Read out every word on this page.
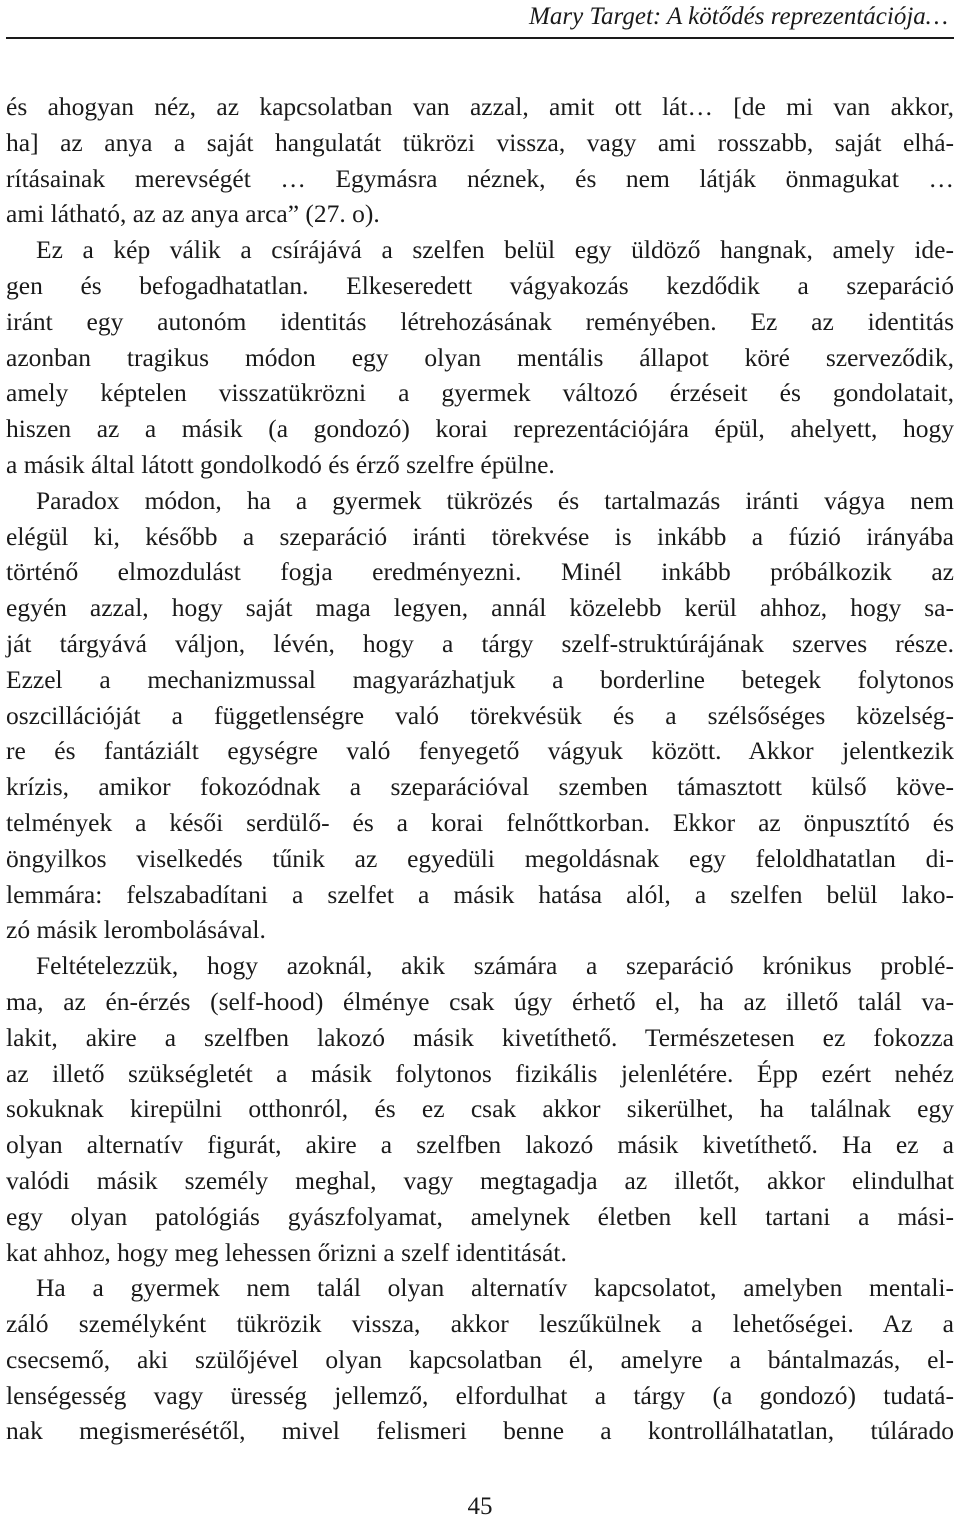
Mary Target: A kötődés reprezentációja…
és ahogyan néz, az kapcsolatban van azzal, amit ott lát… [de mi van akkor,
ha] az anya a saját hangulatát tükrözi vissza, vagy ami rosszabb, saját elhá-
rításainak merevségét … Egymásra néznek, és nem látják önmagukat …
ami látható, az az anya arca” (27. o).
Ez a kép válik a csírájává a szelfen belül egy üldöző hangnak, amely ide-
gen és befogadhatatlan. Elkeseredett vágyakozás kezdődik a szeparáció
iránt egy autonóm identitás létrehozásának reményében. Ez az identitás
azonban tragikus módon egy olyan mentális állapot köré szerveződik,
amely képtelen visszatükrözni a gyermek változó érzéseit és gondolatait,
hiszen az a másik (a gondozó) korai reprezentációjára épül, ahelyett, hogy
a másik által látott gondolkodó és érző szelfre épülne.
Paradox módon, ha a gyermek tükrözés és tartalmazás iránti vágya nem
elégül ki, később a szeparáció iránti törekvése is inkább a fúzió irányába
történő elmozdulást fogja eredményezni. Minél inkább próbálkozik az
egyén azzal, hogy saját maga legyen, annál közelebb kerül ahhoz, hogy sa-
ját tárgyává váljon, lévén, hogy a tárgy szelf-struktúrájának szerves része.
Ezzel a mechanizmussal magyarázhatjuk a borderline betegek folytonos
oszcillációját a függetlenségre való törekvésük és a szélsőséges közelség-
re és fantáziált egységre való fenyegető vágyuk között. Akkor jelentkezik
krízis, amikor fokozódnak a szeparációval szemben támasztott külső köve-
telmények a késői serdülő- és a korai felnőttkorban. Ekkor az önpusztító és
öngyilkos viselkedés tűnik az egyedüli megoldásnak egy feloldhatatlan di-
lemmára: felszabadítani a szelfet a másik hatása alól, a szelfen belül lako-
zó másik lerombolásával.
Feltételezzük, hogy azoknál, akik számára a szeparáció krónikus problé-
ma, az én-érzés (self-hood) élménye csak úgy érhető el, ha az illető talál va-
lakit, akire a szelfben lakozó másik kivetíthető. Természetesen ez fokozza
az illető szükségletét a másik folytonos fizikális jelenlétére. Épp ezért nehéz
sokuknak kirepülni otthonról, és ez csak akkor sikerülhet, ha találnak egy
olyan alternatív figurát, akire a szelfben lakozó másik kivetíthető. Ha ez a
valódi másik személy meghal, vagy megtagadja az illetőt, akkor elindulhat
egy olyan patológiás gyászfolyamat, amelynek életben kell tartani a mási-
kat ahhoz, hogy meg lehessen őrizni a szelf identitását.
Ha a gyermek nem talál olyan alternatív kapcsolatot, amelyben mentali-
záló személyként tükrözik vissza, akkor leszűkülnek a lehetőségei. Az a
csecsemő, aki szülőjével olyan kapcsolatban él, amelyre a bántalmazás, el-
lenségesség vagy üresség jellemző, elfordulhat a tárgy (a gondozó) tudatá-
nak megismerésétől, mivel felismeri benne a kontrollálhatatlan, túlárado
45
